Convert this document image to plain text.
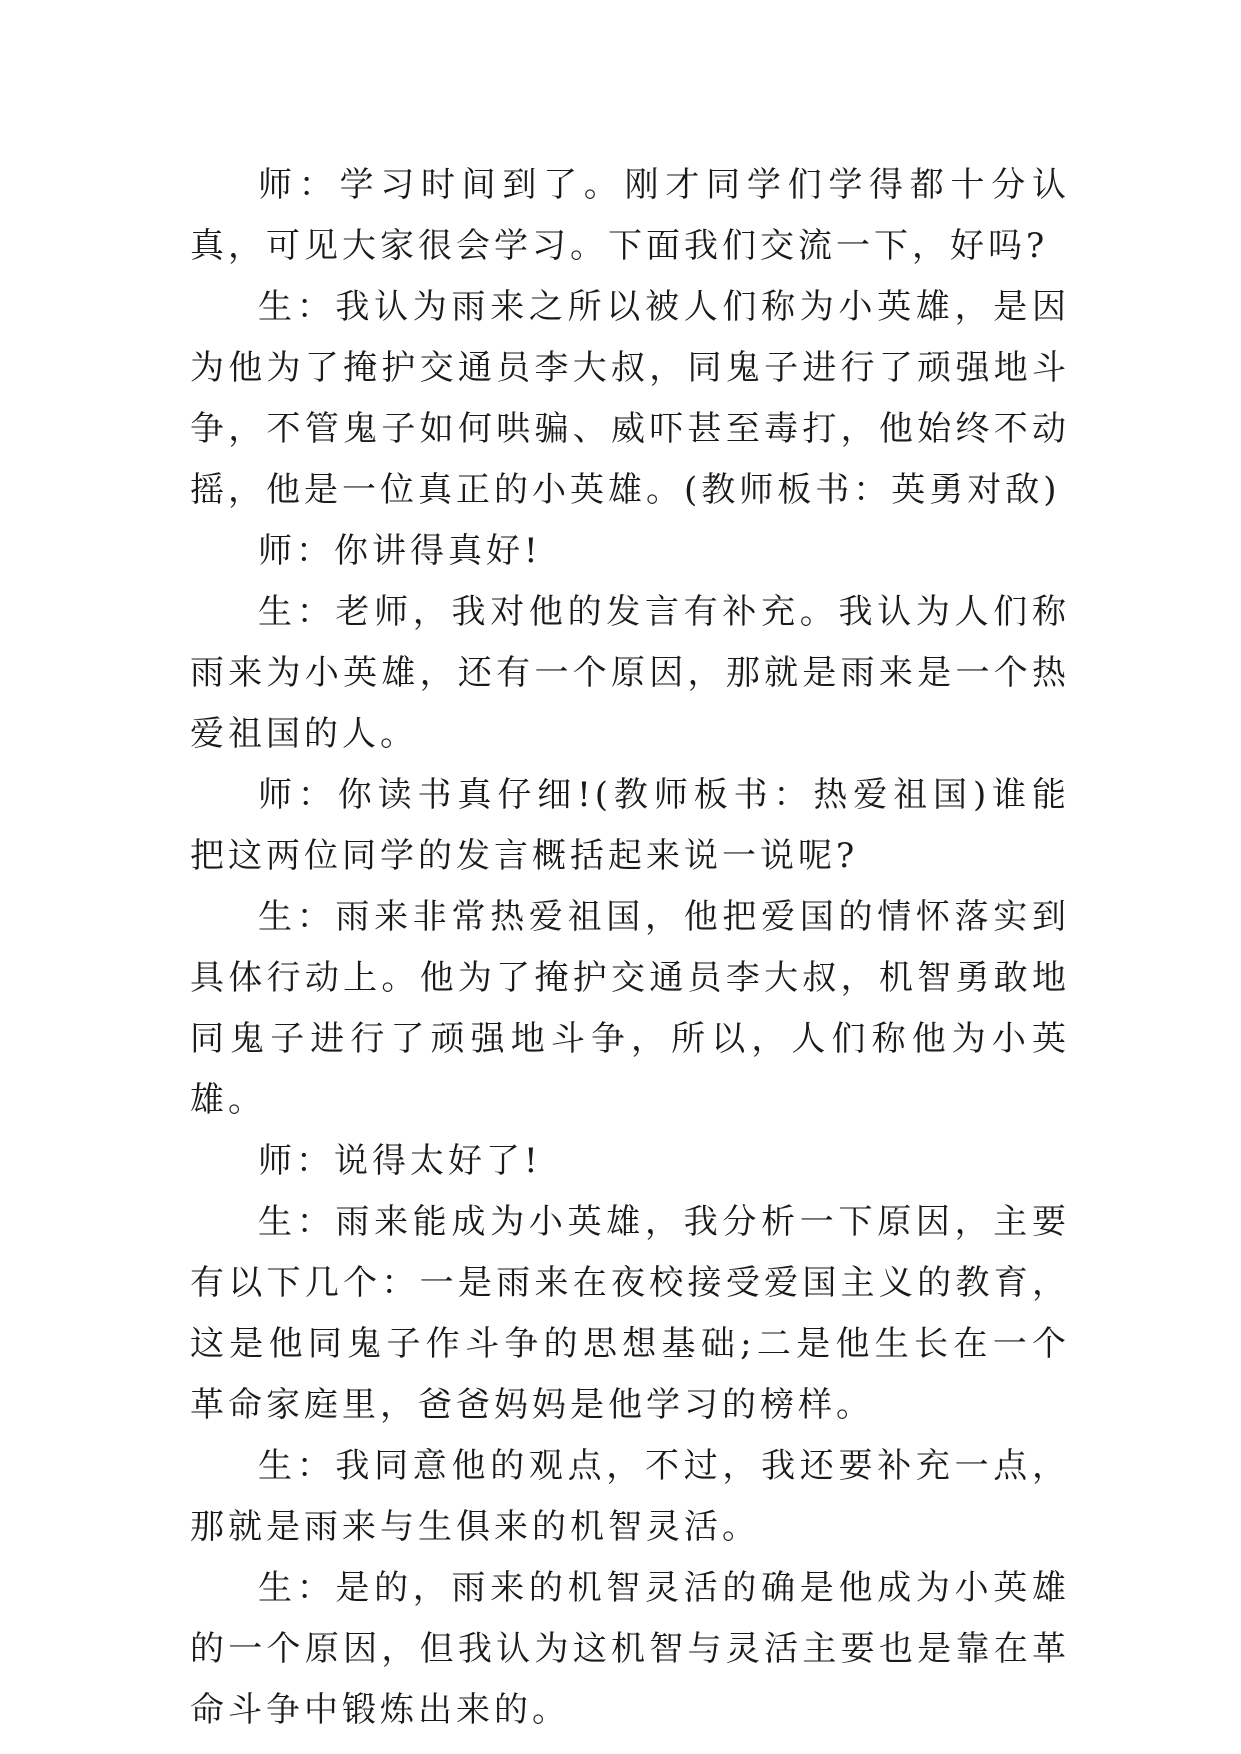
师：学习时间到了。刚才同学们学得都十分认真，可见大家很会学习。下面我们交流一下，好吗?

生：我认为雨来之所以被人们称为小英雄，是因为他为了掩护交通员李大叔，同鬼子进行了顽强地斗争，不管鬼子如何哄骗、威吓甚至毒打，他始终不动摇，他是一位真正的小英雄。(教师板书：英勇对敌)

师：你讲得真好!

生：老师，我对他的发言有补充。我认为人们称雨来为小英雄，还有一个原因，那就是雨来是一个热爱祖国的人。

师：你读书真仔细!(教师板书：热爱祖国)谁能把这两位同学的发言概括起来说一说呢?

生：雨来非常热爱祖国，他把爱国的情怀落实到具体行动上。他为了掩护交通员李大叔，机智勇敢地同鬼子进行了顽强地斗争，所以，人们称他为小英雄。

师：说得太好了!

生：雨来能成为小英雄，我分析一下原因，主要有以下几个：一是雨来在夜校接受爱国主义的教育，这是他同鬼子作斗争的思想基础;二是他生长在一个革命家庭里，爸爸妈妈是他学习的榜样。

生：我同意他的观点，不过，我还要补充一点，那就是雨来与生俱来的机智灵活。

生：是的，雨来的机智灵活的确是他成为小英雄的一个原因，但我认为这机智与灵活主要也是靠在革命斗争中锻炼出来的。
